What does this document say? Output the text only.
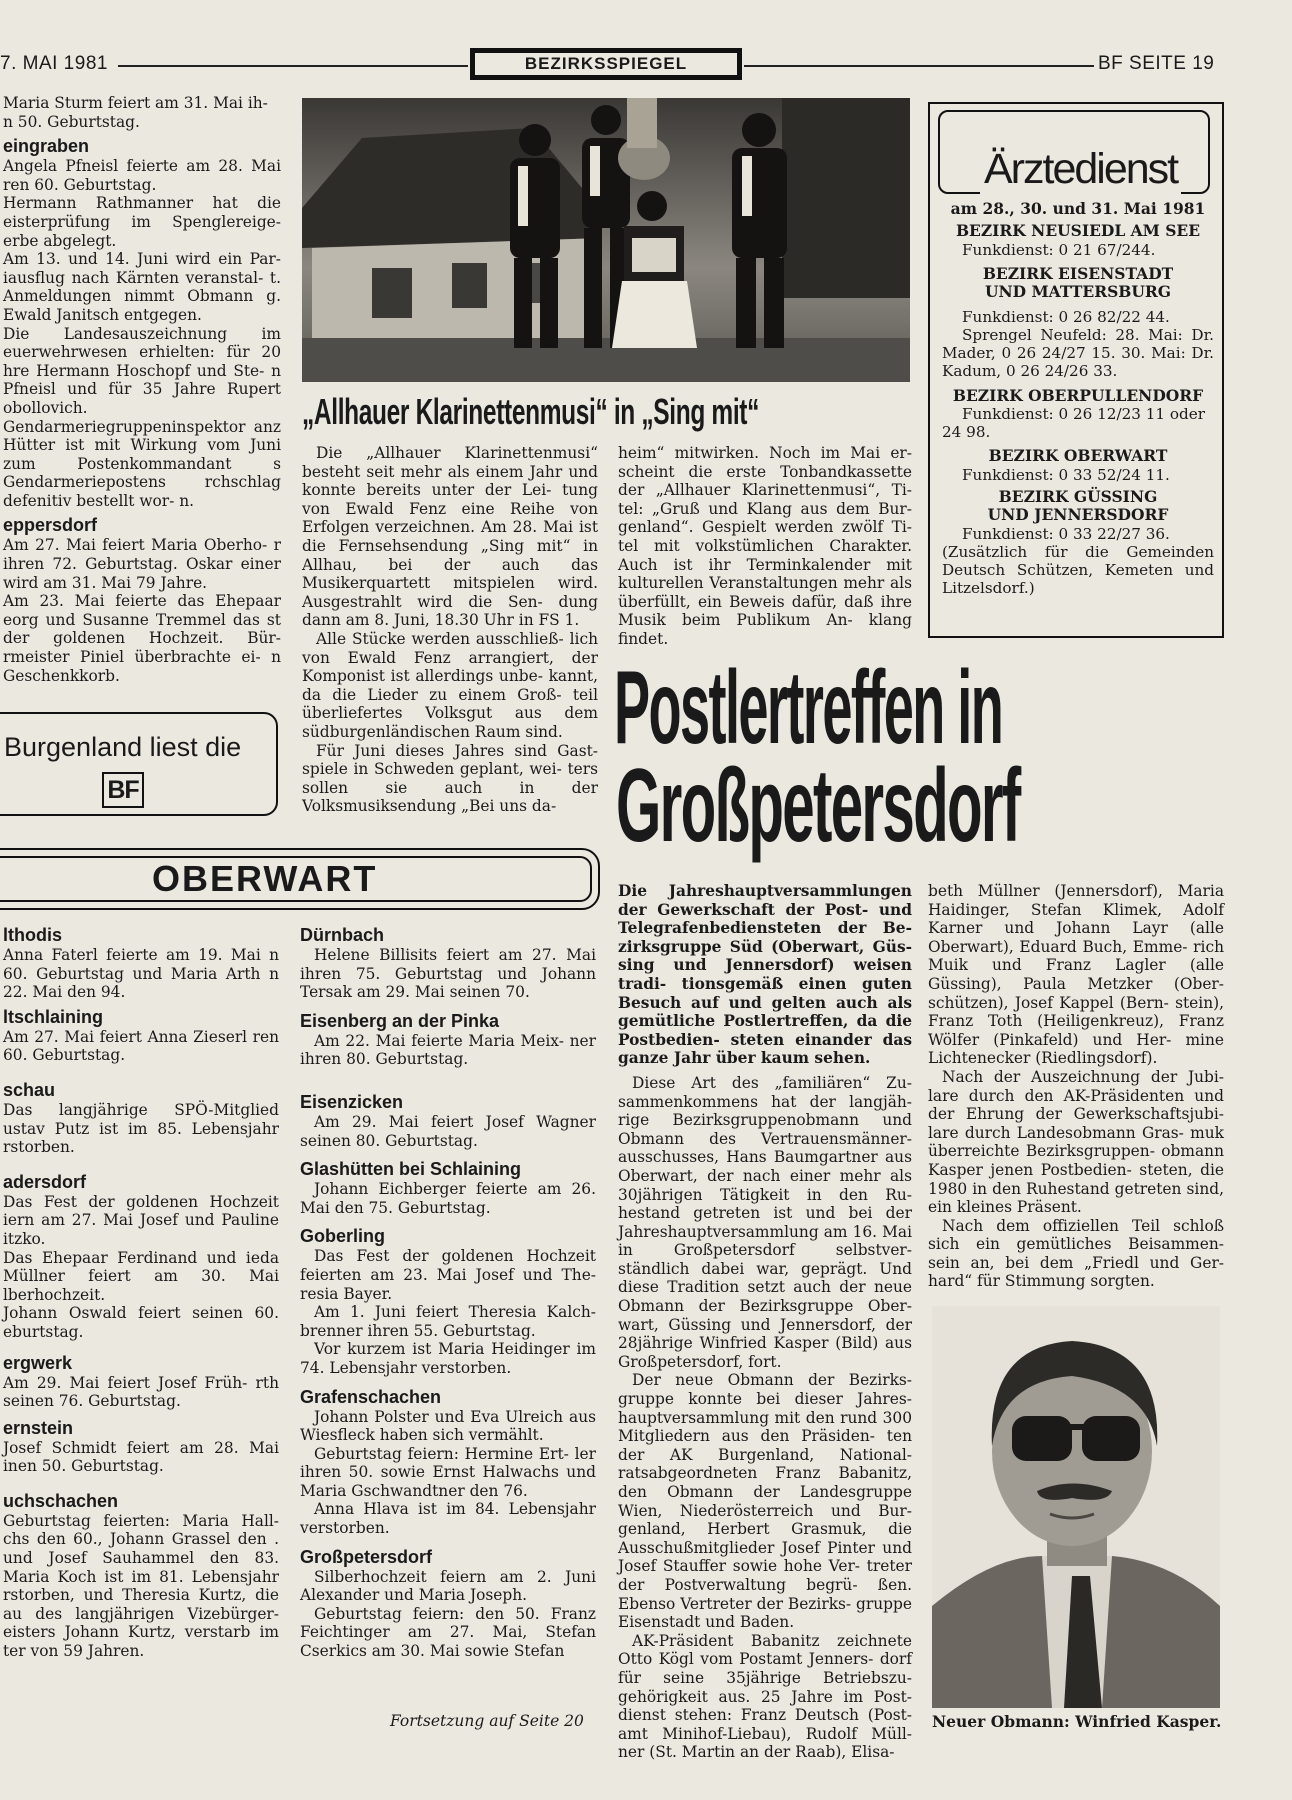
7. MAI 1981	BEZIRKSSPIEGEL	BF SEITE 19

Maria Sturm feiert am 31. Mai ih-

n 50. Geburtstag.

eingraben

Angela Pfneisl feierte am 28. Mai ren 60. Geburtstag.

Hermann Rathmanner hat die eisterprüfung im Spenglereige- erbe abgelegt.

Am 13. und 14. Juni wird ein Par- iausflug nach Kärnten veranstal- t. Anmeldungen nimmt Obmann g. Ewald Janitsch entgegen.

Die Landesauszeichnung im euerwehrwesen erhielten: für 20 hre Hermann Hoschopf und Ste- n Pfneisl und für 35 Jahre Rupert obollovich.

Gendarmeriegruppeninspektor anz Hütter ist mit Wirkung vom Juni zum Postenkommandant s Gendarmeriepostens rchschlag defenitiv bestellt wor- n.

eppersdorf

Am 27. Mai feiert Maria Oberho- r ihren 72. Geburtstag. Oskar einer wird am 31. Mai 79 Jahre.

Am 23. Mai feierte das Ehepaar eorg und Susanne Tremmel das st der goldenen Hochzeit. Bür- rmeister Piniel überbrachte ei- n Geschenkkorb.

Burgenland liest die
BF
„Allhauer Klarinettenmusi“ in „Sing mit“

Die „Allhauer Klarinettenmusi“ besteht seit mehr als einem Jahr und konnte bereits unter der Lei- tung von Ewald Fenz eine Reihe von Erfolgen verzeichnen. Am 28. Mai ist die Fernsehsendung „Sing mit“ in Allhau, bei der auch das Musikerquartett mitspielen wird. Ausgestrahlt wird die Sen- dung dann am 8. Juni, 18.30 Uhr in FS 1.

Alle Stücke werden ausschließ- lich von Ewald Fenz arrangiert, der Komponist ist allerdings unbe- kannt, da die Lieder zu einem Groß- teil überliefertes Volksgut aus dem südburgenländischen Raum sind.

Für Juni dieses Jahres sind Gast- spiele in Schweden geplant, wei- ters sollen sie auch in der Volksmusiksendung „Bei uns da-

heim“ mitwirken. Noch im Mai er- scheint die erste Tonbandkassette der „Allhauer Klarinettenmusi“, Ti- tel: „Gruß und Klang aus dem Bur- genland“. Gespielt werden zwölf Ti- tel mit volkstümlichen Charakter. Auch ist ihr Terminkalender mit kulturellen Veranstaltungen mehr als überfüllt, ein Beweis dafür, daß ihre Musik beim Publikum An- klang findet.

Ärztedienst
am 28., 30. und 31. Mai 1981
BEZIRK NEUSIEDL AM SEE

Funkdienst: 0 21 67/244.

BEZIRK EISENSTADT UND MATTERSBURG

Funkdienst: 0 26 82/22 44.

Sprengel Neufeld: 28. Mai: Dr. Mader, 0 26 24/27 15. 30. Mai: Dr. Kadum, 0 26 24/26 33.

BEZIRK OBERPULLENDORF

Funkdienst: 0 26 12/23 11 oder 24 98.

BEZIRK OBERWART

Funkdienst: 0 33 52/24 11.

BEZIRK GÜSSING UND JENNERSDORF

Funkdienst: 0 33 22/27 36.

(Zusätzlich für die Gemeinden Deutsch Schützen, Kemeten und Litzelsdorf.)

Postlertreffen in
Großpetersdorf

Die Jahreshauptversammlungen der Gewerkschaft der Post- und Telegrafenbediensteten der Be- zirksgruppe Süd (Oberwart, Güs- sing und Jennersdorf) weisen tradi- tionsgemäß einen guten Besuch auf und gelten auch als gemütliche Postlertreffen, da die Postbedien- steten einander das ganze Jahr über kaum sehen.

Diese Art des „familiären“ Zu- sammenkommens hat der langjäh- rige Bezirksgruppenobmann und Obmann des Vertrauensmänner- ausschusses, Hans Baumgartner aus Oberwart, der nach einer mehr als 30jährigen Tätigkeit in den Ru- hestand getreten ist und bei der Jahreshauptversammlung am 16. Mai in Großpetersdorf selbstver- ständlich dabei war, geprägt. Und diese Tradition setzt auch der neue Obmann der Bezirksgruppe Ober- wart, Güssing und Jennersdorf, der 28jährige Winfried Kasper (Bild) aus Großpetersdorf, fort.

Der neue Obmann der Bezirks- gruppe konnte bei dieser Jahres- hauptversammlung mit den rund 300 Mitgliedern aus den Präsiden- ten der AK Burgenland, National- ratsabgeordneten Franz Babanitz, den Obmann der Landesgruppe Wien, Niederösterreich und Bur- genland, Herbert Grasmuk, die Ausschußmitglieder Josef Pinter und Josef Stauffer sowie hohe Ver- treter der Postverwaltung begrü- ßen. Ebenso Vertreter der Bezirks- gruppe Eisenstadt und Baden.

AK-Präsident Babanitz zeichnete Otto Kögl vom Postamt Jenners- dorf für seine 35jährige Betriebszu- gehörigkeit aus. 25 Jahre im Post- dienst stehen: Franz Deutsch (Post- amt Minihof-Liebau), Rudolf Müll- ner (St. Martin an der Raab), Elisa-

beth Müllner (Jennersdorf), Maria Haidinger, Stefan Klimek, Adolf Karner und Johann Layr (alle Oberwart), Eduard Buch, Emme- rich Muik und Franz Lagler (alle Güssing), Paula Metzker (Ober- schützen), Josef Kappel (Bern- stein), Franz Toth (Heiligenkreuz), Franz Wölfer (Pinkafeld) und Her- mine Lichtenecker (Riedlingsdorf).

Nach der Auszeichnung der Jubi- lare durch den AK-Präsidenten und der Ehrung der Gewerkschaftsjubi- lare durch Landesobmann Gras- muk überreichte Bezirksgruppen- obmann Kasper jenen Postbedien- steten, die 1980 in den Ruhestand getreten sind, ein kleines Präsent.

Nach dem offiziellen Teil schloß sich ein gemütliches Beisammen- sein an, bei dem „Friedl und Ger- hard“ für Stimmung sorgten.

Neuer Obmann: Winfried Kasper.
OBERWART
lthodis

Anna Faterl feierte am 19. Mai n 60. Geburtstag und Maria Arth n 22. Mai den 94.

ltschlaining

Am 27. Mai feiert Anna Zieserl ren 60. Geburtstag.

schau

Das langjährige SPÖ-Mitglied ustav Putz ist im 85. Lebensjahr rstorben.

adersdorf

Das Fest der goldenen Hochzeit iern am 27. Mai Josef und Pauline itzko.

Das Ehepaar Ferdinand und ieda Müllner feiert am 30. Mai lberhochzeit.

Johann Oswald feiert seinen 60. eburtstag.

ergwerk

Am 29. Mai feiert Josef Früh- rth seinen 76. Geburtstag.

ernstein

Josef Schmidt feiert am 28. Mai inen 50. Geburtstag.

uchschachen

Geburtstag feierten: Maria Hall- chs den 60., Johann Grassel den . und Josef Sauhammel den 83. Maria Koch ist im 81. Lebensjahr rstorben, und Theresia Kurtz, die au des langjährigen Vizebürger- eisters Johann Kurtz, verstarb im ter von 59 Jahren.

Dürnbach

Helene Billisits feiert am 27. Mai ihren 75. Geburtstag und Johann Tersak am 29. Mai seinen 70.

Eisenberg an der Pinka

Am 22. Mai feierte Maria Meix- ner ihren 80. Geburtstag.

Eisenzicken

Am 29. Mai feiert Josef Wagner seinen 80. Geburtstag.

Glashütten bei Schlaining

Johann Eichberger feierte am 26. Mai den 75. Geburtstag.

Goberling

Das Fest der goldenen Hochzeit feierten am 23. Mai Josef und The- resia Bayer.

Am 1. Juni feiert Theresia Kalch- brenner ihren 55. Geburtstag.

Vor kurzem ist Maria Heidinger im 74. Lebensjahr verstorben.

Grafenschachen

Johann Polster und Eva Ulreich aus Wiesfleck haben sich vermählt.

Geburtstag feiern: Hermine Ert- ler ihren 50. sowie Ernst Halwachs und Maria Gschwandtner den 76.

Anna Hlava ist im 84. Lebensjahr verstorben.

Großpetersdorf

Silberhochzeit feiern am 2. Juni Alexander und Maria Joseph.

Geburtstag feiern: den 50. Franz Feichtinger am 27. Mai, Stefan Cserkics am 30. Mai sowie Stefan

Fortsetzung auf Seite 20
